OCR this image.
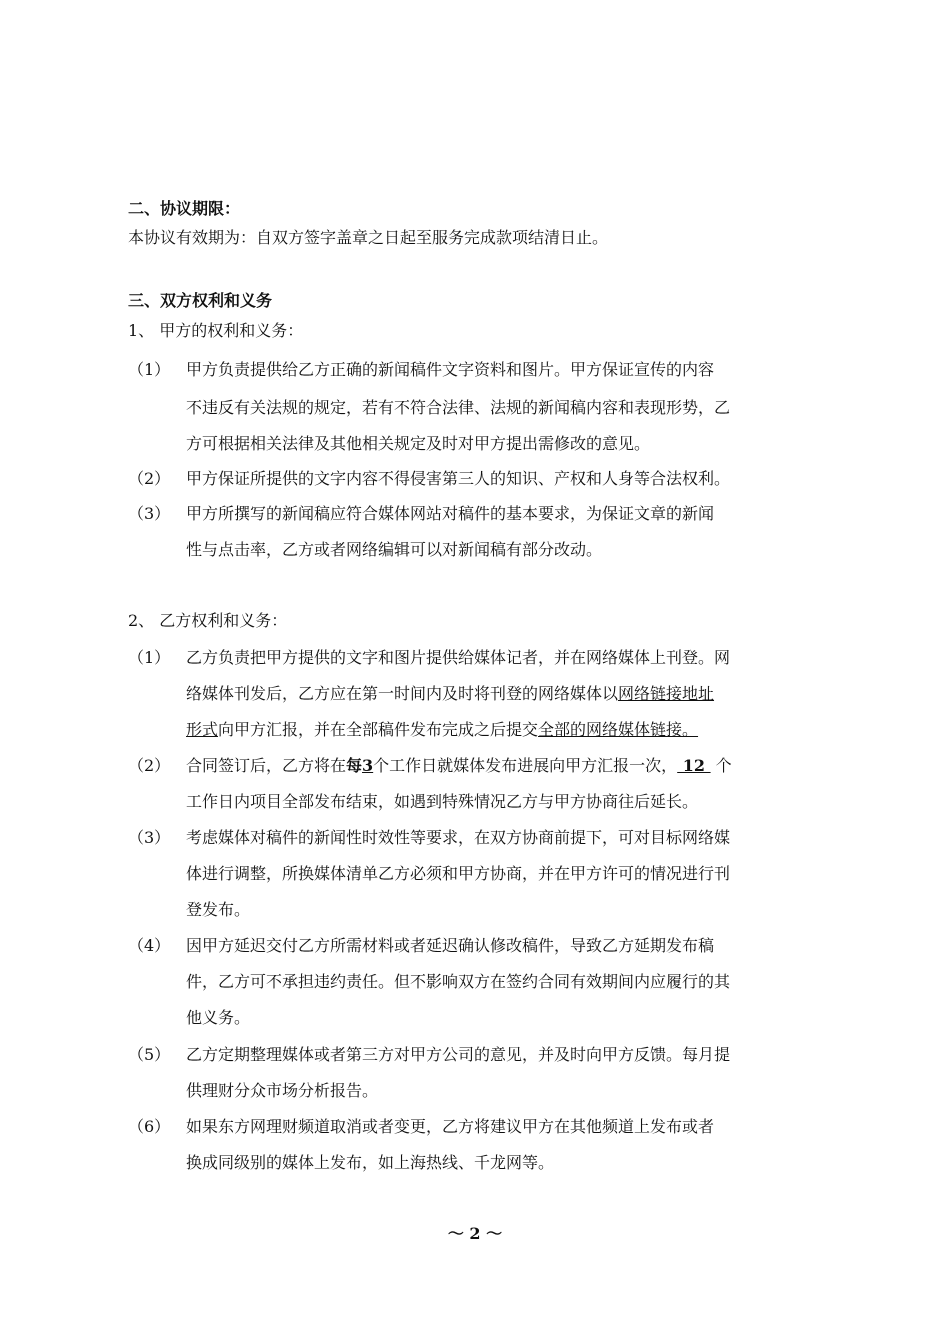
二、协议期限：
本协议有效期为：自双方签字盖章之日起至服务完成款项结清日止。
三、双方权利和义务
1、 甲方的权利和义务：
（1） 甲方负责提供给乙方正确的新闻稿件文字资料和图片。甲方保证宣传的内容
不违反有关法规的规定，若有不符合法律、法规的新闻稿内容和表现形势，乙
方可根据相关法律及其他相关规定及时对甲方提出需修改的意见。
（2） 甲方保证所提供的文字内容不得侵害第三人的知识、产权和人身等合法权利。
（3） 甲方所撰写的新闻稿应符合媒体网站对稿件的基本要求，为保证文章的新闻
性与点击率，乙方或者网络编辑可以对新闻稿有部分改动。
2、 乙方权利和义务：
（1） 乙方负责把甲方提供的文字和图片提供给媒体记者，并在网络媒体上刊登。网
络媒体刊发后，乙方应在第一时间内及时将刊登的网络媒体以网络链接地址
形式向甲方汇报，并在全部稿件发布完成之后提交全部的网络媒体链接。
（2） 合同签订后，乙方将在每3个工作日就媒体发布进展向甲方汇报一次， 12  个
工作日内项目全部发布结束，如遇到特殊情况乙方与甲方协商往后延长。
（3） 考虑媒体对稿件的新闻性时效性等要求，在双方协商前提下，可对目标网络媒
体进行调整，所换媒体清单乙方必须和甲方协商，并在甲方许可的情况进行刊
登发布。
（4） 因甲方延迟交付乙方所需材料或者延迟确认修改稿件，导致乙方延期发布稿
件，乙方可不承担违约责任。但不影响双方在签约合同有效期间内应履行的其
他义务。
（5） 乙方定期整理媒体或者第三方对甲方公司的意见，并及时向甲方反馈。每月提
供理财分众市场分析报告。
（6） 如果东方网理财频道取消或者变更，乙方将建议甲方在其他频道上发布或者
换成同级别的媒体上发布，如上海热线、千龙网等。
～ 2 ～
